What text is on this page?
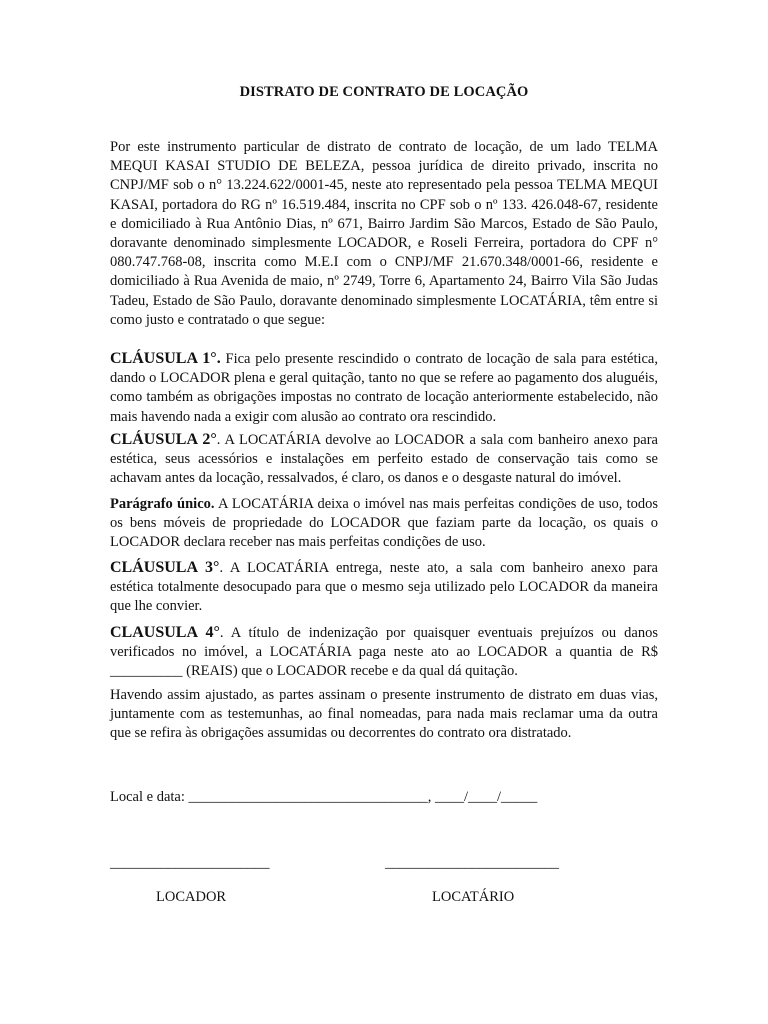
DISTRATO DE CONTRATO DE LOCAÇÃO

Por este instrumento particular de distrato de contrato de locação, de um lado TELMA MEQUI KASAI STUDIO DE BELEZA, pessoa jurídica de direito privado, inscrita no CNPJ/MF sob o n° 13.224.622/0001-45, neste ato representado pela pessoa TELMA MEQUI KASAI, portadora do RG nº 16.519.484, inscrita no CPF sob o nº 133. 426.048-67, residente e domiciliado à Rua Antônio Dias, nº 671, Bairro Jardim São Marcos, Estado de São Paulo, doravante denominado simplesmente LOCADOR, e Roseli Ferreira, portadora do CPF n° 080.747.768-08, inscrita como M.E.I com o CNPJ/MF 21.670.348/0001-66, residente e domiciliado à Rua Avenida de maio, nº 2749, Torre 6, Apartamento 24, Bairro Vila São Judas Tadeu, Estado de São Paulo, doravante denominado simplesmente LOCATÁRIA, têm entre si como justo e contratado o que segue:

CLÁUSULA 1°. Fica pelo presente rescindido o contrato de locação de sala para estética, dando o LOCADOR plena e geral quitação, tanto no que se refere ao pagamento dos aluguéis, como também as obrigações impostas no contrato de locação anteriormente estabelecido, não mais havendo nada a exigir com alusão ao contrato ora rescindido.

CLÁUSULA 2°. A LOCATÁRIA devolve ao LOCADOR a sala com banheiro anexo para estética, seus acessórios e instalações em perfeito estado de conservação tais como se achavam antes da locação, ressalvados, é claro, os danos e o desgaste natural do imóvel.

Parágrafo único. A LOCATÁRIA deixa o imóvel nas mais perfeitas condições de uso, todos os bens móveis de propriedade do LOCADOR que faziam parte da locação, os quais o LOCADOR declara receber nas mais perfeitas condições de uso.

CLÁUSULA 3°. A LOCATÁRIA entrega, neste ato, a sala com banheiro anexo para estética totalmente desocupado para que o mesmo seja utilizado pelo LOCADOR da maneira que lhe convier.

CLAUSULA 4°. A título de indenização por quaisquer eventuais prejuízos ou danos verificados no imóvel, a LOCATÁRIA paga neste ato ao LOCADOR a quantia de R$ __________ (REAIS) que o LOCADOR recebe e da qual dá quitação.

Havendo assim ajustado, as partes assinam o presente instrumento de distrato em duas vias, juntamente com as testemunhas, ao final nomeadas, para nada mais reclamar uma da outra que se refira às obrigações assumidas ou decorrentes do contrato ora distratado.

Local e data: _________________________________, ____/____/_____
______________________	________________________
LOCADOR	LOCATÁRIO
